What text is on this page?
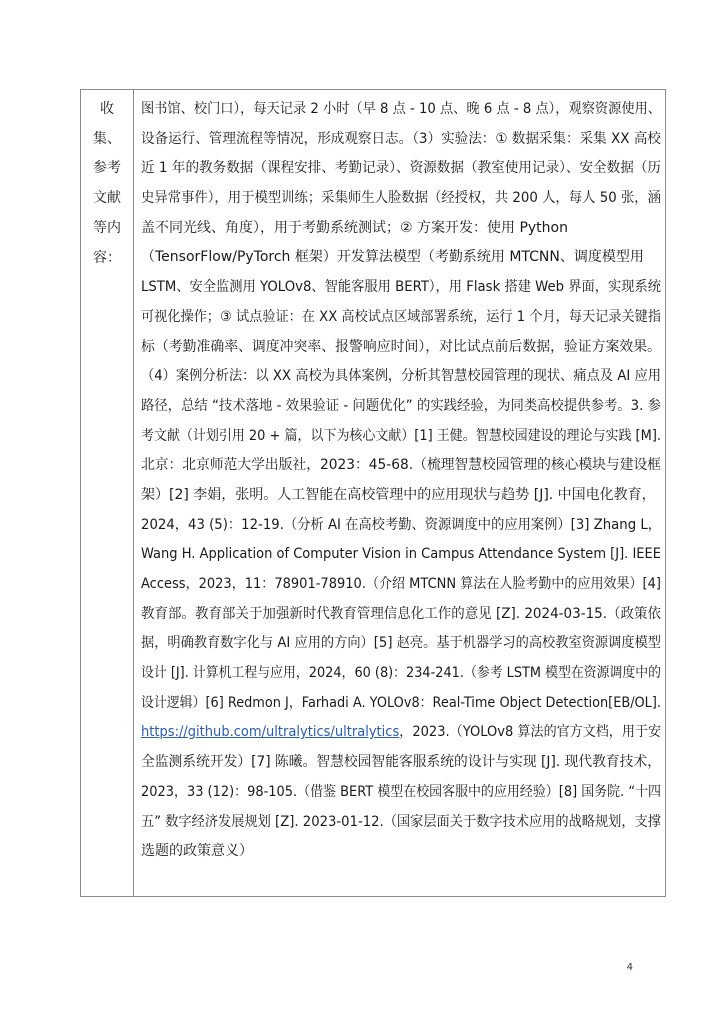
收
集、
参考
文献
等内
容：
图书馆、校门口），每天记录 2 小时（早 8 点 - 10 点、晚 6 点 - 8 点），观察资源使用、
设备运行、管理流程等情况，形成观察日志。（3）实验法：① 数据采集：采集 XX 高校
近 1 年的教务数据（课程安排、考勤记录）、资源数据（教室使用记录）、安全数据（历
史异常事件），用于模型训练；采集师生人脸数据（经授权，共 200 人，每人 50 张，涵
盖不同光线、角度），用于考勤系统测试；② 方案开发：使用 Python
（TensorFlow/PyTorch 框架）开发算法模型（考勤系统用 MTCNN、调度模型用
LSTM、安全监测用 YOLOv8、智能客服用 BERT），用 Flask 搭建 Web 界面，实现系统
可视化操作；③ 试点验证：在 XX 高校试点区域部署系统，运行 1 个月，每天记录关键指
标（考勤准确率、调度冲突率、报警响应时间），对比试点前后数据，验证方案效果。
（4）案例分析法：以 XX 高校为具体案例，分析其智慧校园管理的现状、痛点及 AI 应用
路径，总结 “技术落地 - 效果验证 - 问题优化” 的实践经验，为同类高校提供参考。3. 参
考文献（计划引用 20 + 篇，以下为核心文献）[1] 王健。智慧校园建设的理论与实践 [M].
北京：北京师范大学出版社，2023：45-68.（梳理智慧校园管理的核心模块与建设框
架）[2] 李娟，张明。人工智能在高校管理中的应用现状与趋势 [J]. 中国电化教育，
2024，43 (5)：12-19.（分析 AI 在高校考勤、资源调度中的应用案例）[3] Zhang L，
Wang H. Application of Computer Vision in Campus Attendance System [J]. IEEE
Access，2023，11：78901-78910.（介绍 MTCNN 算法在人脸考勤中的应用效果）[4]
教育部。教育部关于加强新时代教育管理信息化工作的意见 [Z]. 2024-03-15.（政策依
据，明确教育数字化与 AI 应用的方向）[5] 赵亮。基于机器学习的高校教室资源调度模型
设计 [J]. 计算机工程与应用，2024，60 (8)：234-241.（参考 LSTM 模型在资源调度中的
设计逻辑）[6] Redmon J，Farhadi A. YOLOv8：Real-Time Object Detection[EB/OL].
https://github.com/ultralytics/ultralytics，2023.（YOLOv8 算法的官方文档，用于安
全监测系统开发）[7] 陈曦。智慧校园智能客服系统的设计与实现 [J]. 现代教育技术，
2023，33 (12)：98-105.（借鉴 BERT 模型在校园客服中的应用经验）[8] 国务院. “十四
五” 数字经济发展规划 [Z]. 2023-01-12.（国家层面关于数字技术应用的战略规划，支撑
选题的政策意义）
4
